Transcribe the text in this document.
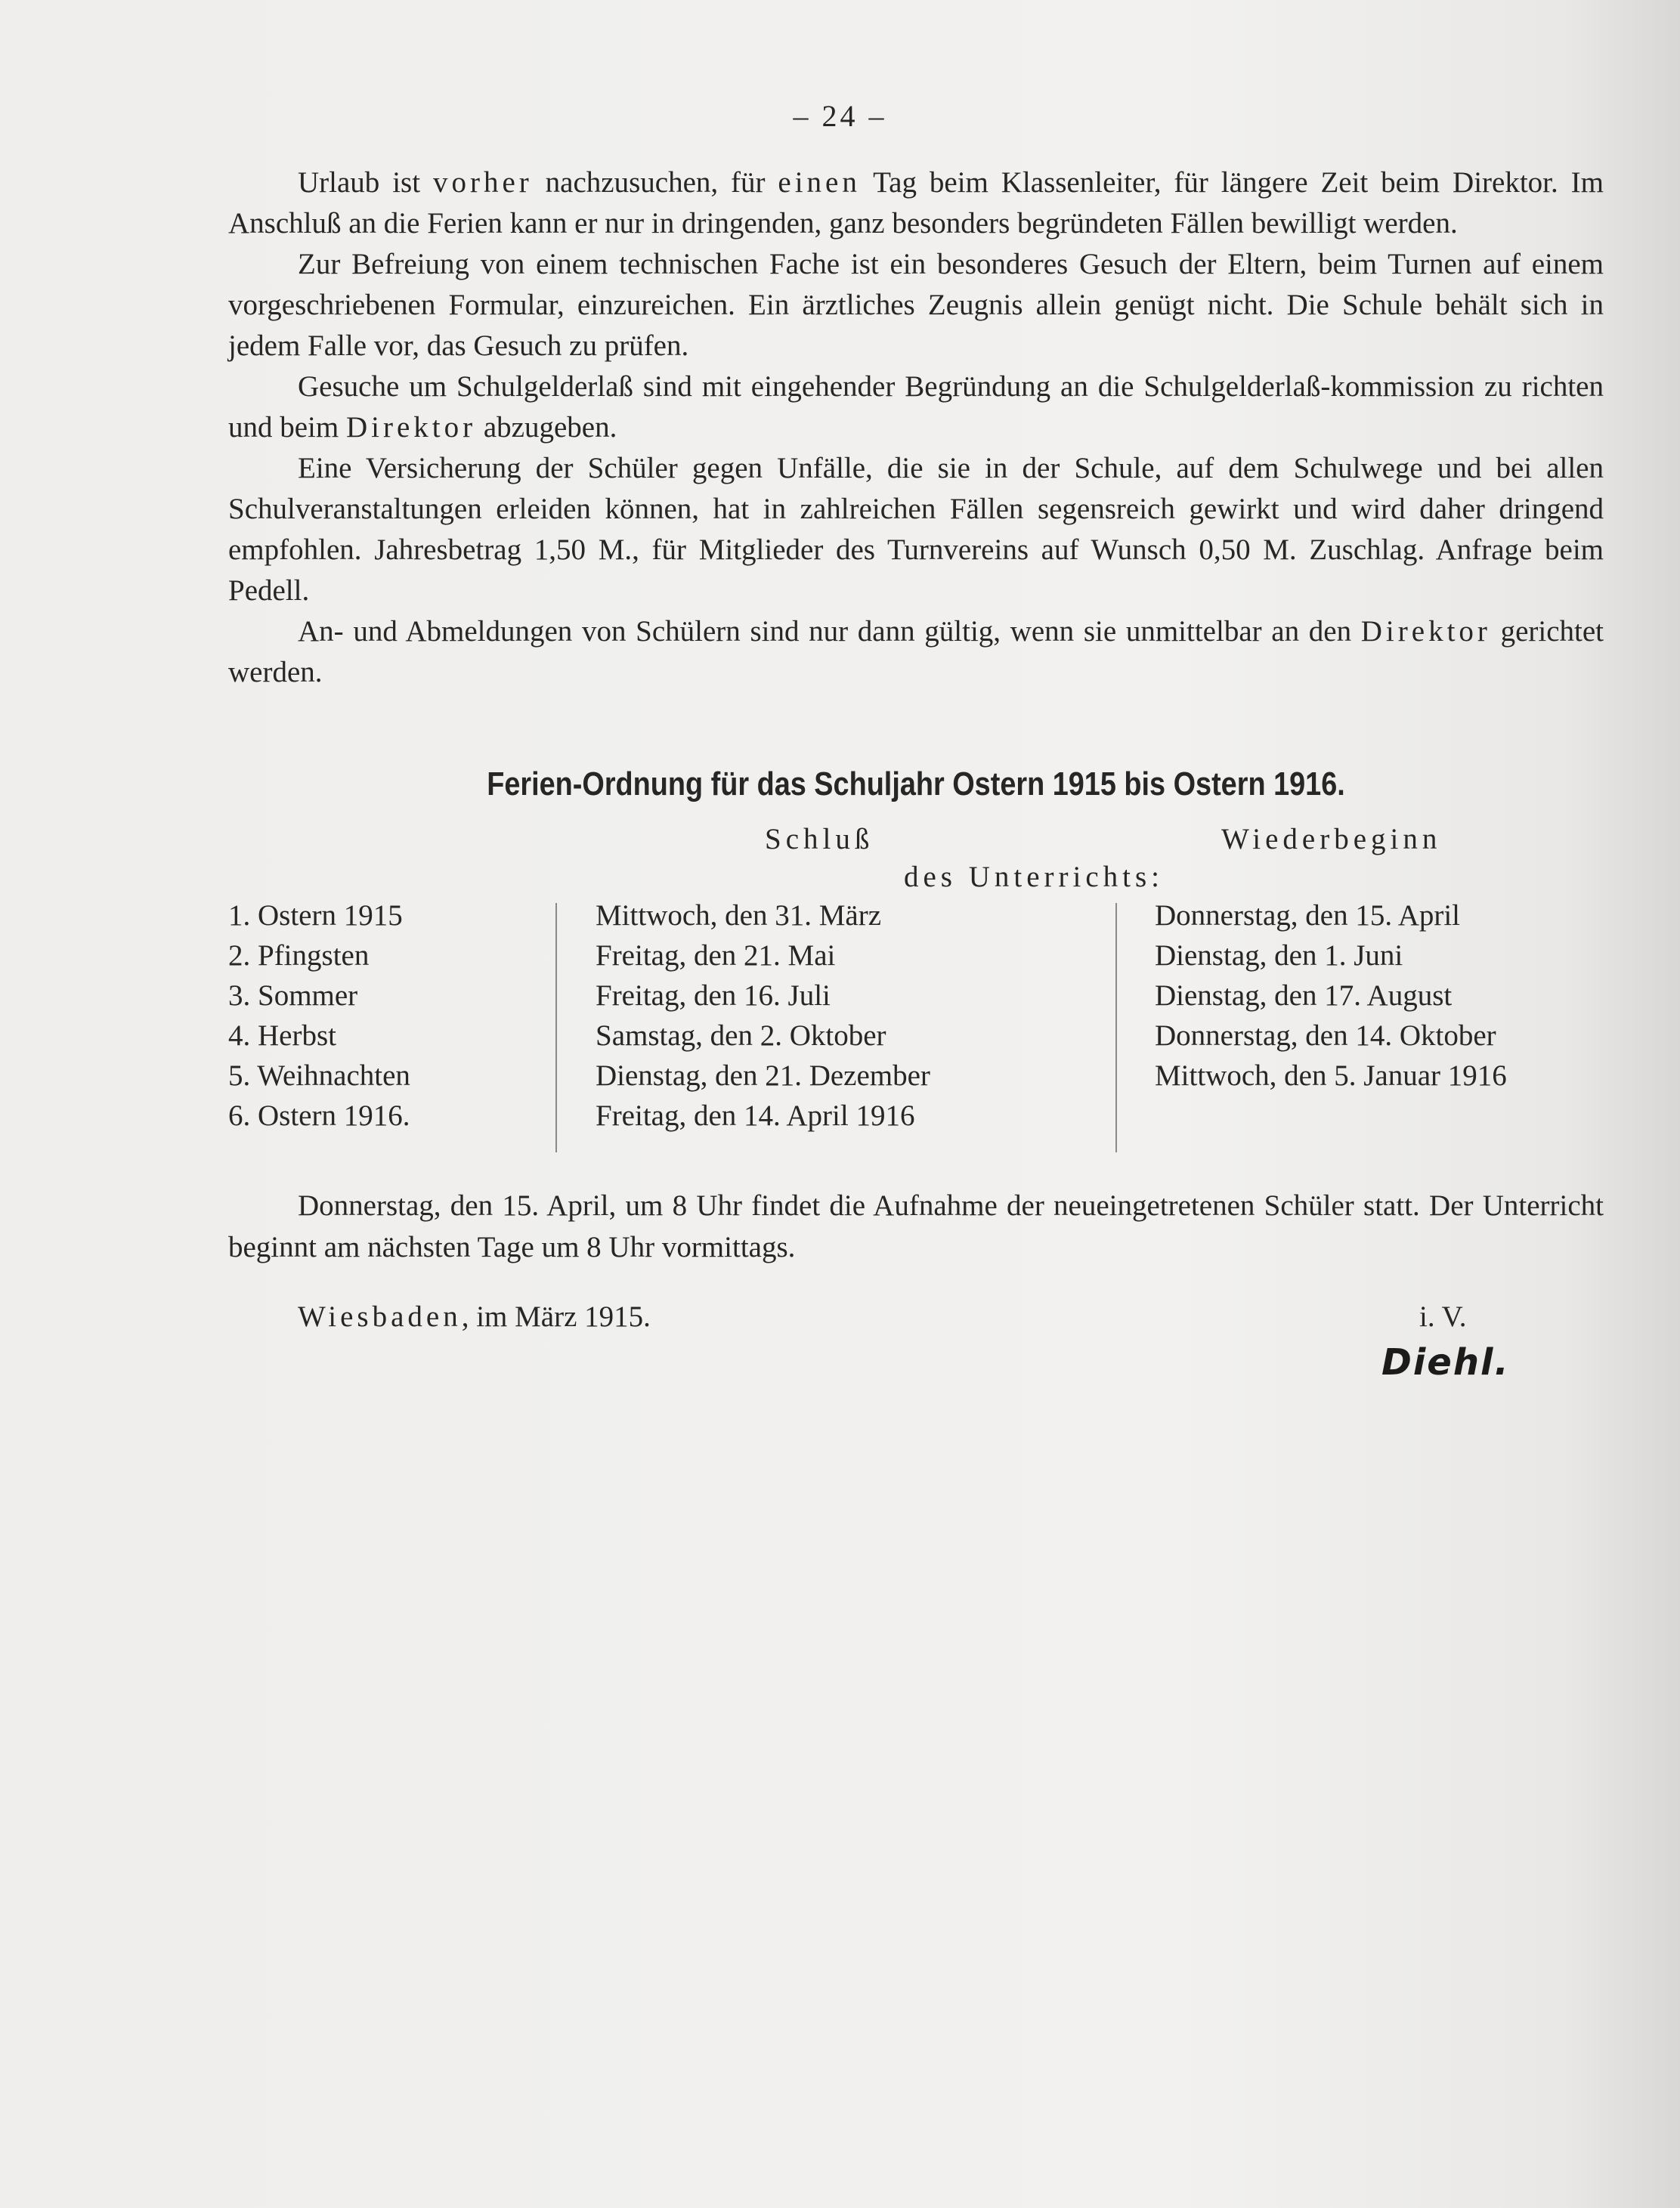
– 24 –

Urlaub ist vorher nachzusuchen, für einen Tag beim Klassenleiter, für längere Zeit beim Direktor. Im Anschluß an die Ferien kann er nur in dringenden, ganz besonders begründeten Fällen bewilligt werden.

Zur Befreiung von einem technischen Fache ist ein besonderes Gesuch der Eltern, beim Turnen auf einem vorgeschriebenen Formular, einzureichen. Ein ärztliches Zeugnis allein genügt nicht. Die Schule behält sich in jedem Falle vor, das Gesuch zu prüfen.

Gesuche um Schulgelderlaß sind mit eingehender Begründung an die Schulgelderlaß-kommission zu richten und beim Direktor abzugeben.

Eine Versicherung der Schüler gegen Unfälle, die sie in der Schule, auf dem Schulwege und bei allen Schulveranstaltungen erleiden können, hat in zahlreichen Fällen segensreich gewirkt und wird daher dringend empfohlen. Jahresbetrag 1,50 M., für Mitglieder des Turnvereins auf Wunsch 0,50 M. Zuschlag. Anfrage beim Pedell.

An- und Abmeldungen von Schülern sind nur dann gültig, wenn sie unmittelbar an den Direktor gerichtet werden.

Ferien-Ordnung für das Schuljahr Ostern 1915 bis Ostern 1916.
Schluß	Wiederbeginn
des Unterrichts:
1. Ostern 1915
2. Pfingsten
3. Sommer
4. Herbst
5. Weihnachten
6. Ostern 1916.
Mittwoch, den 31. März
Freitag, den 21. Mai
Freitag, den 16. Juli
Samstag, den 2. Oktober
Dienstag, den 21. Dezember
Freitag, den 14. April 1916
Donnerstag, den 15. April
Dienstag, den 1. Juni
Dienstag, den 17. August
Donnerstag, den 14. Oktober
Mittwoch, den 5. Januar 1916

Donnerstag, den 15. April, um 8 Uhr findet die Aufnahme der neueingetretenen Schüler statt. Der Unterricht beginnt am nächsten Tage um 8 Uhr vormittags.

Wiesbaden, im März 1915.	i. V.
Diehl.
